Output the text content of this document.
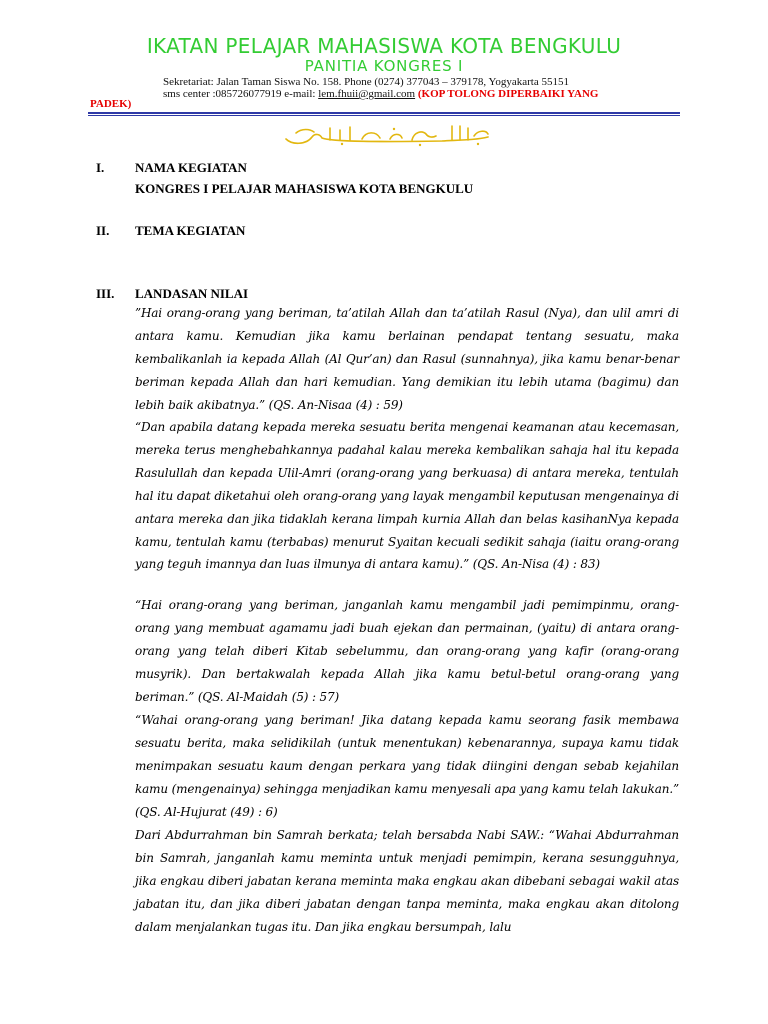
IKATAN PELAJAR MAHASISWA KOTA BENGKULU
PANITIA KONGRES I
Sekretariat: Jalan Taman Siswa No. 158. Phone (0274) 377043 – 379178, Yogyakarta 55151
sms center :085726077919 e-mail: lem.fhuii@gmail.com (KOP TOLONG DIPERBAIKI YANG
PADEK)
I. NAMA KEGIATAN
KONGRES I PELAJAR MAHASISWA KOTA BENGKULU
II. TEMA KEGIATAN
III. LANDASAN NILAI

”Hai orang-orang yang beriman, ta’atilah Allah dan ta’atilah Rasul (Nya), dan ulil amri di antara kamu. Kemudian jika kamu berlainan pendapat tentang sesuatu, maka kembalikanlah ia kepada Allah (Al Qur’an) dan Rasul (sunnahnya), jika kamu benar-benar beriman kepada Allah dan hari kemudian. Yang demikian itu lebih utama (bagimu) dan lebih baik akibatnya.” (QS. An-Nisaa (4) : 59)

“Dan apabila datang kepada mereka sesuatu berita mengenai keamanan atau kecemasan, mereka terus menghebahkannya padahal kalau mereka kembalikan sahaja hal itu kepada Rasulullah dan kepada Ulil-Amri (orang-orang yang berkuasa) di antara mereka, tentulah hal itu dapat diketahui oleh orang-orang yang layak mengambil keputusan mengenainya di antara mereka dan jika tidaklah kerana limpah kurnia Allah dan belas kasihanNya kepada kamu, tentulah kamu (terbabas) menurut Syaitan kecuali sedikit sahaja (iaitu orang-orang yang teguh imannya dan luas ilmunya di antara kamu).” (QS. An-Nisa (4) : 83)

“Hai orang-orang yang beriman, janganlah kamu mengambil jadi pemimpinmu, orang-orang yang membuat agamamu jadi buah ejekan dan permainan, (yaitu) di antara orang-orang yang telah diberi Kitab sebelummu, dan orang-orang yang kafir (orang-orang musyrik). Dan bertakwalah kepada Allah jika kamu betul-betul orang-orang yang beriman.” (QS. Al-Maidah (5) : 57)

“Wahai orang-orang yang beriman! Jika datang kepada kamu seorang fasik membawa sesuatu berita, maka selidikilah (untuk menentukan) kebenarannya, supaya kamu tidak menimpakan sesuatu kaum dengan perkara yang tidak diingini dengan sebab kejahilan kamu (mengenainya) sehingga menjadikan kamu menyesali apa yang kamu telah lakukan.” (QS. Al-Hujurat (49) : 6)

Dari Abdurrahman bin Samrah berkata; telah bersabda Nabi SAW.: “Wahai Abdurrahman bin Samrah, janganlah kamu meminta untuk menjadi pemimpin, kerana sesungguhnya, jika engkau diberi jabatan kerana meminta maka engkau akan dibebani sebagai wakil atas jabatan itu, dan jika diberi jabatan dengan tanpa meminta, maka engkau akan ditolong dalam menjalankan tugas itu. Dan jika engkau bersumpah, lalu
